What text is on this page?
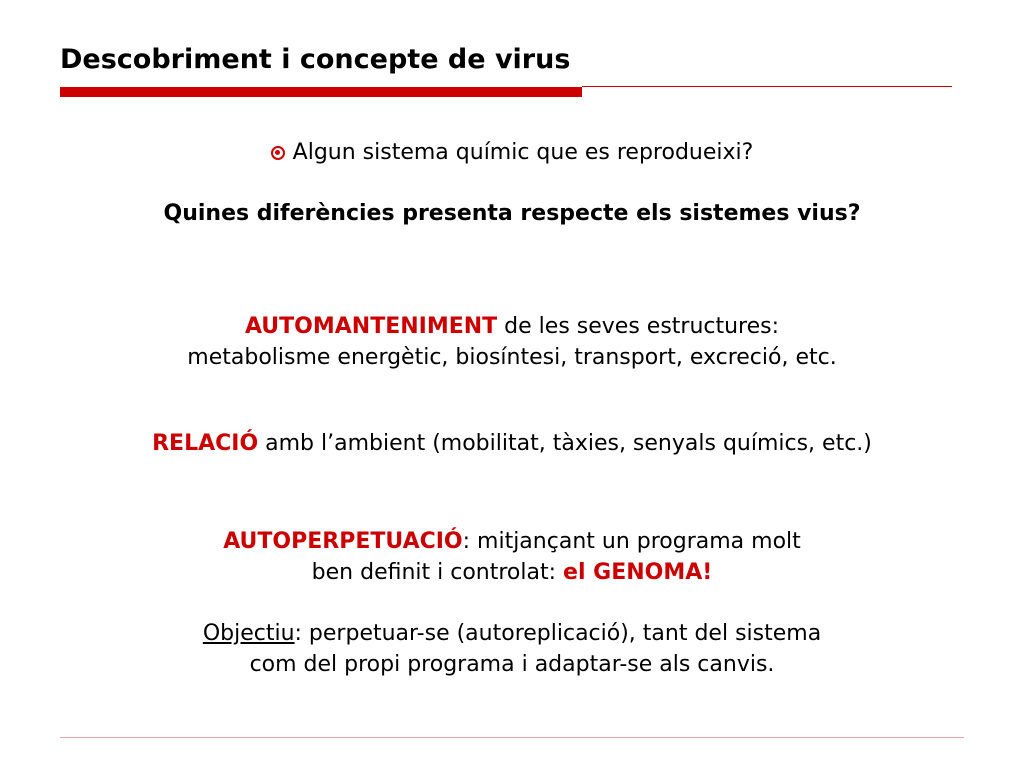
Descobriment i concepte de virus
Algun sistema químic que es reprodueixi?
Quines diferències presenta respecte els sistemes vius?
AUTOMANTENIMENT de les seves estructures:
metabolisme energètic, biosíntesi, transport, excreció, etc.
RELACIÓ amb l’ambient (mobilitat, tàxies, senyals químics, etc.)
AUTOPERPETUACIÓ: mitjançant un programa molt
ben definit i controlat: el GENOMA!
Objectiu: perpetuar-se (autoreplicació), tant del sistema
com del propi programa i adaptar-se als canvis.
